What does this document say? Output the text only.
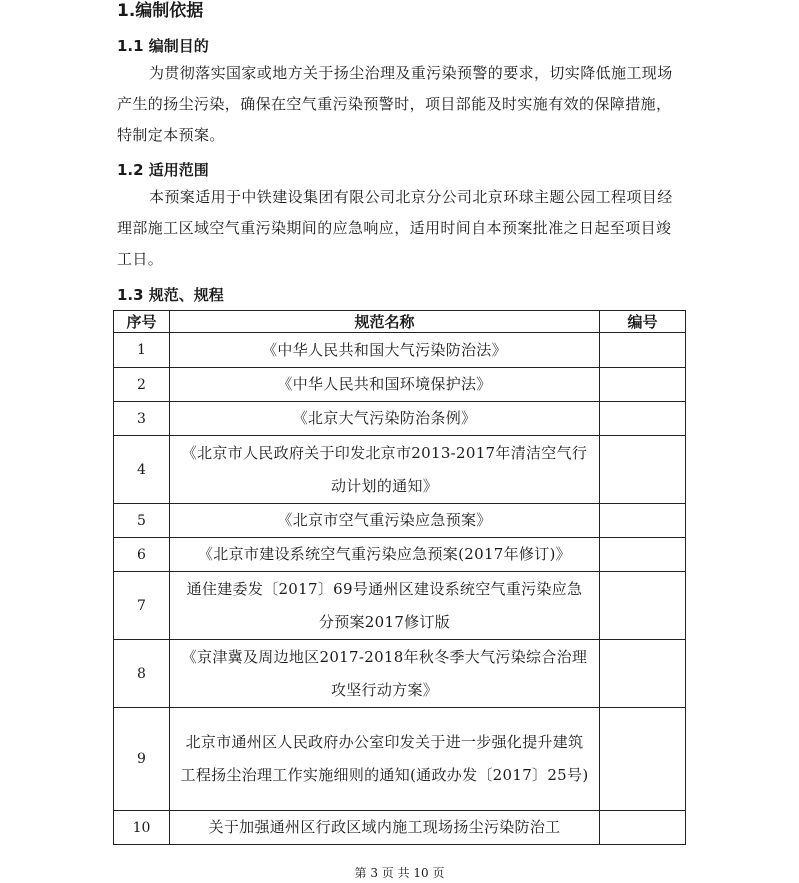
1.编制依据
1.1 编制目的

为贯彻落实国家或地方关于扬尘治理及重污染预警的要求，切实降低施工现场产生的扬尘污染，确保在空气重污染预警时，项目部能及时实施有效的保障措施，特制定本预案。

1.2 适用范围

本预案适用于中铁建设集团有限公司北京分公司北京环球主题公园工程项目经理部施工区域空气重污染期间的应急响应，适用时间自本预案批准之日起至项目竣工日。

1.3 规范、规程
序号	规范名称	编号
1	《中华人民共和国大气污染防治法》	
2	《中华人民共和国环境保护法》	
3	《北京大气污染防治条例》	
4	《北京市人民政府关于印发北京市2013-2017年清洁空气行动计划的通知》	
5	《北京市空气重污染应急预案》	
6	《北京市建设系统空气重污染应急预案(2017年修订)》	
7	通住建委发〔2017〕69号通州区建设系统空气重污染应急分预案2017修订版	
8	《京津冀及周边地区2017-2018年秋冬季大气污染综合治理攻坚行动方案》	
9	北京市通州区人民政府办公室印发关于进一步强化提升建筑工程扬尘治理工作实施细则的通知(通政办发〔2017〕25号)	
10	关于加强通州区行政区域内施工现场扬尘污染防治工	
第 3 页 共 10 页
